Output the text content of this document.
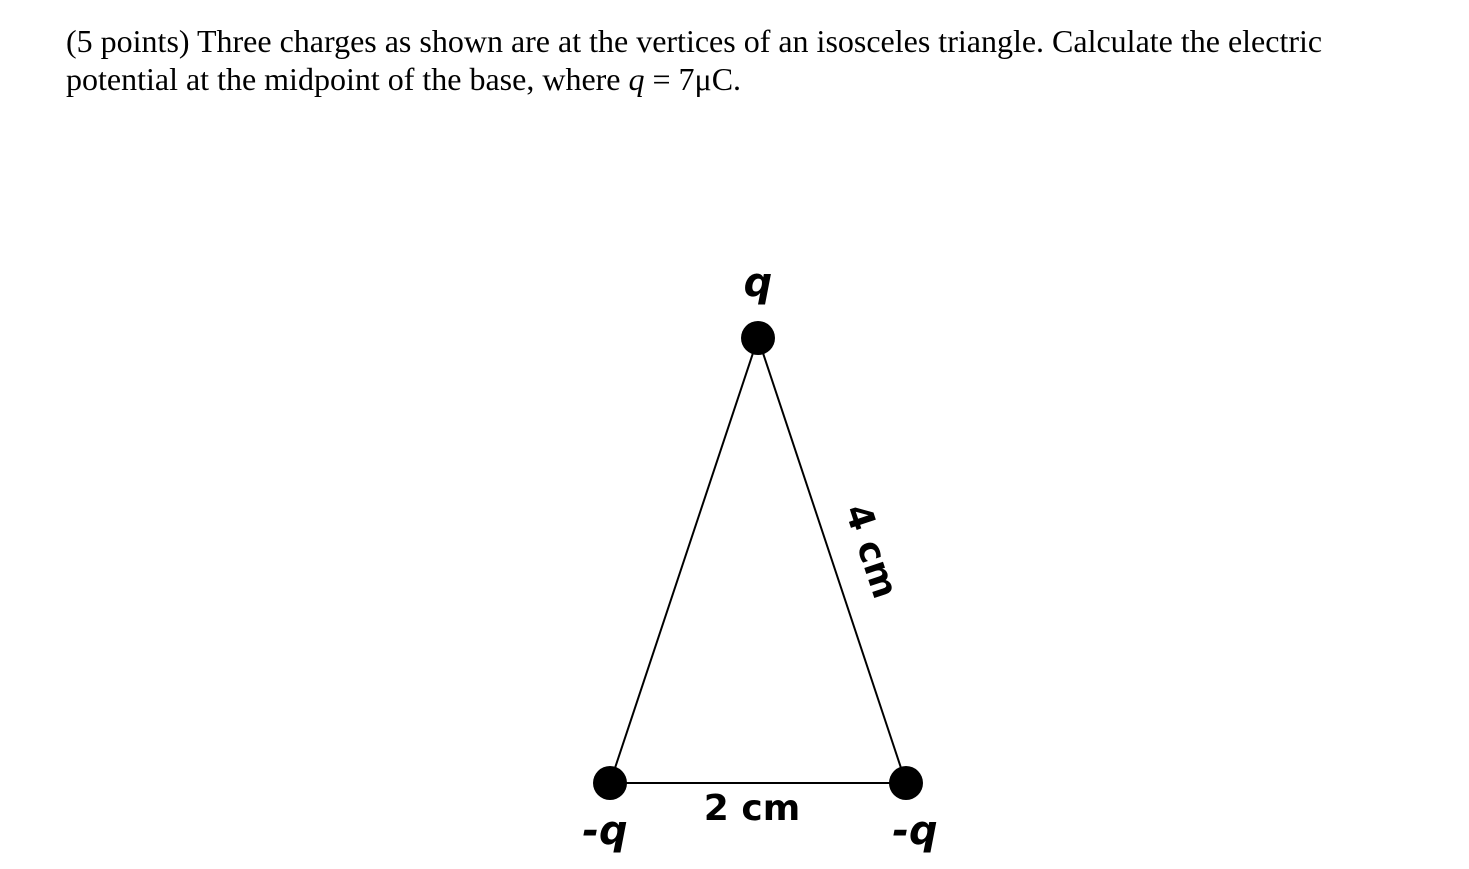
(5 points) Three charges as shown are at the vertices of an isosceles triangle. Calculate the electric
potential at the midpoint of the base, where q = 7μC.
q
-q	-q
2 cm
4 cm
